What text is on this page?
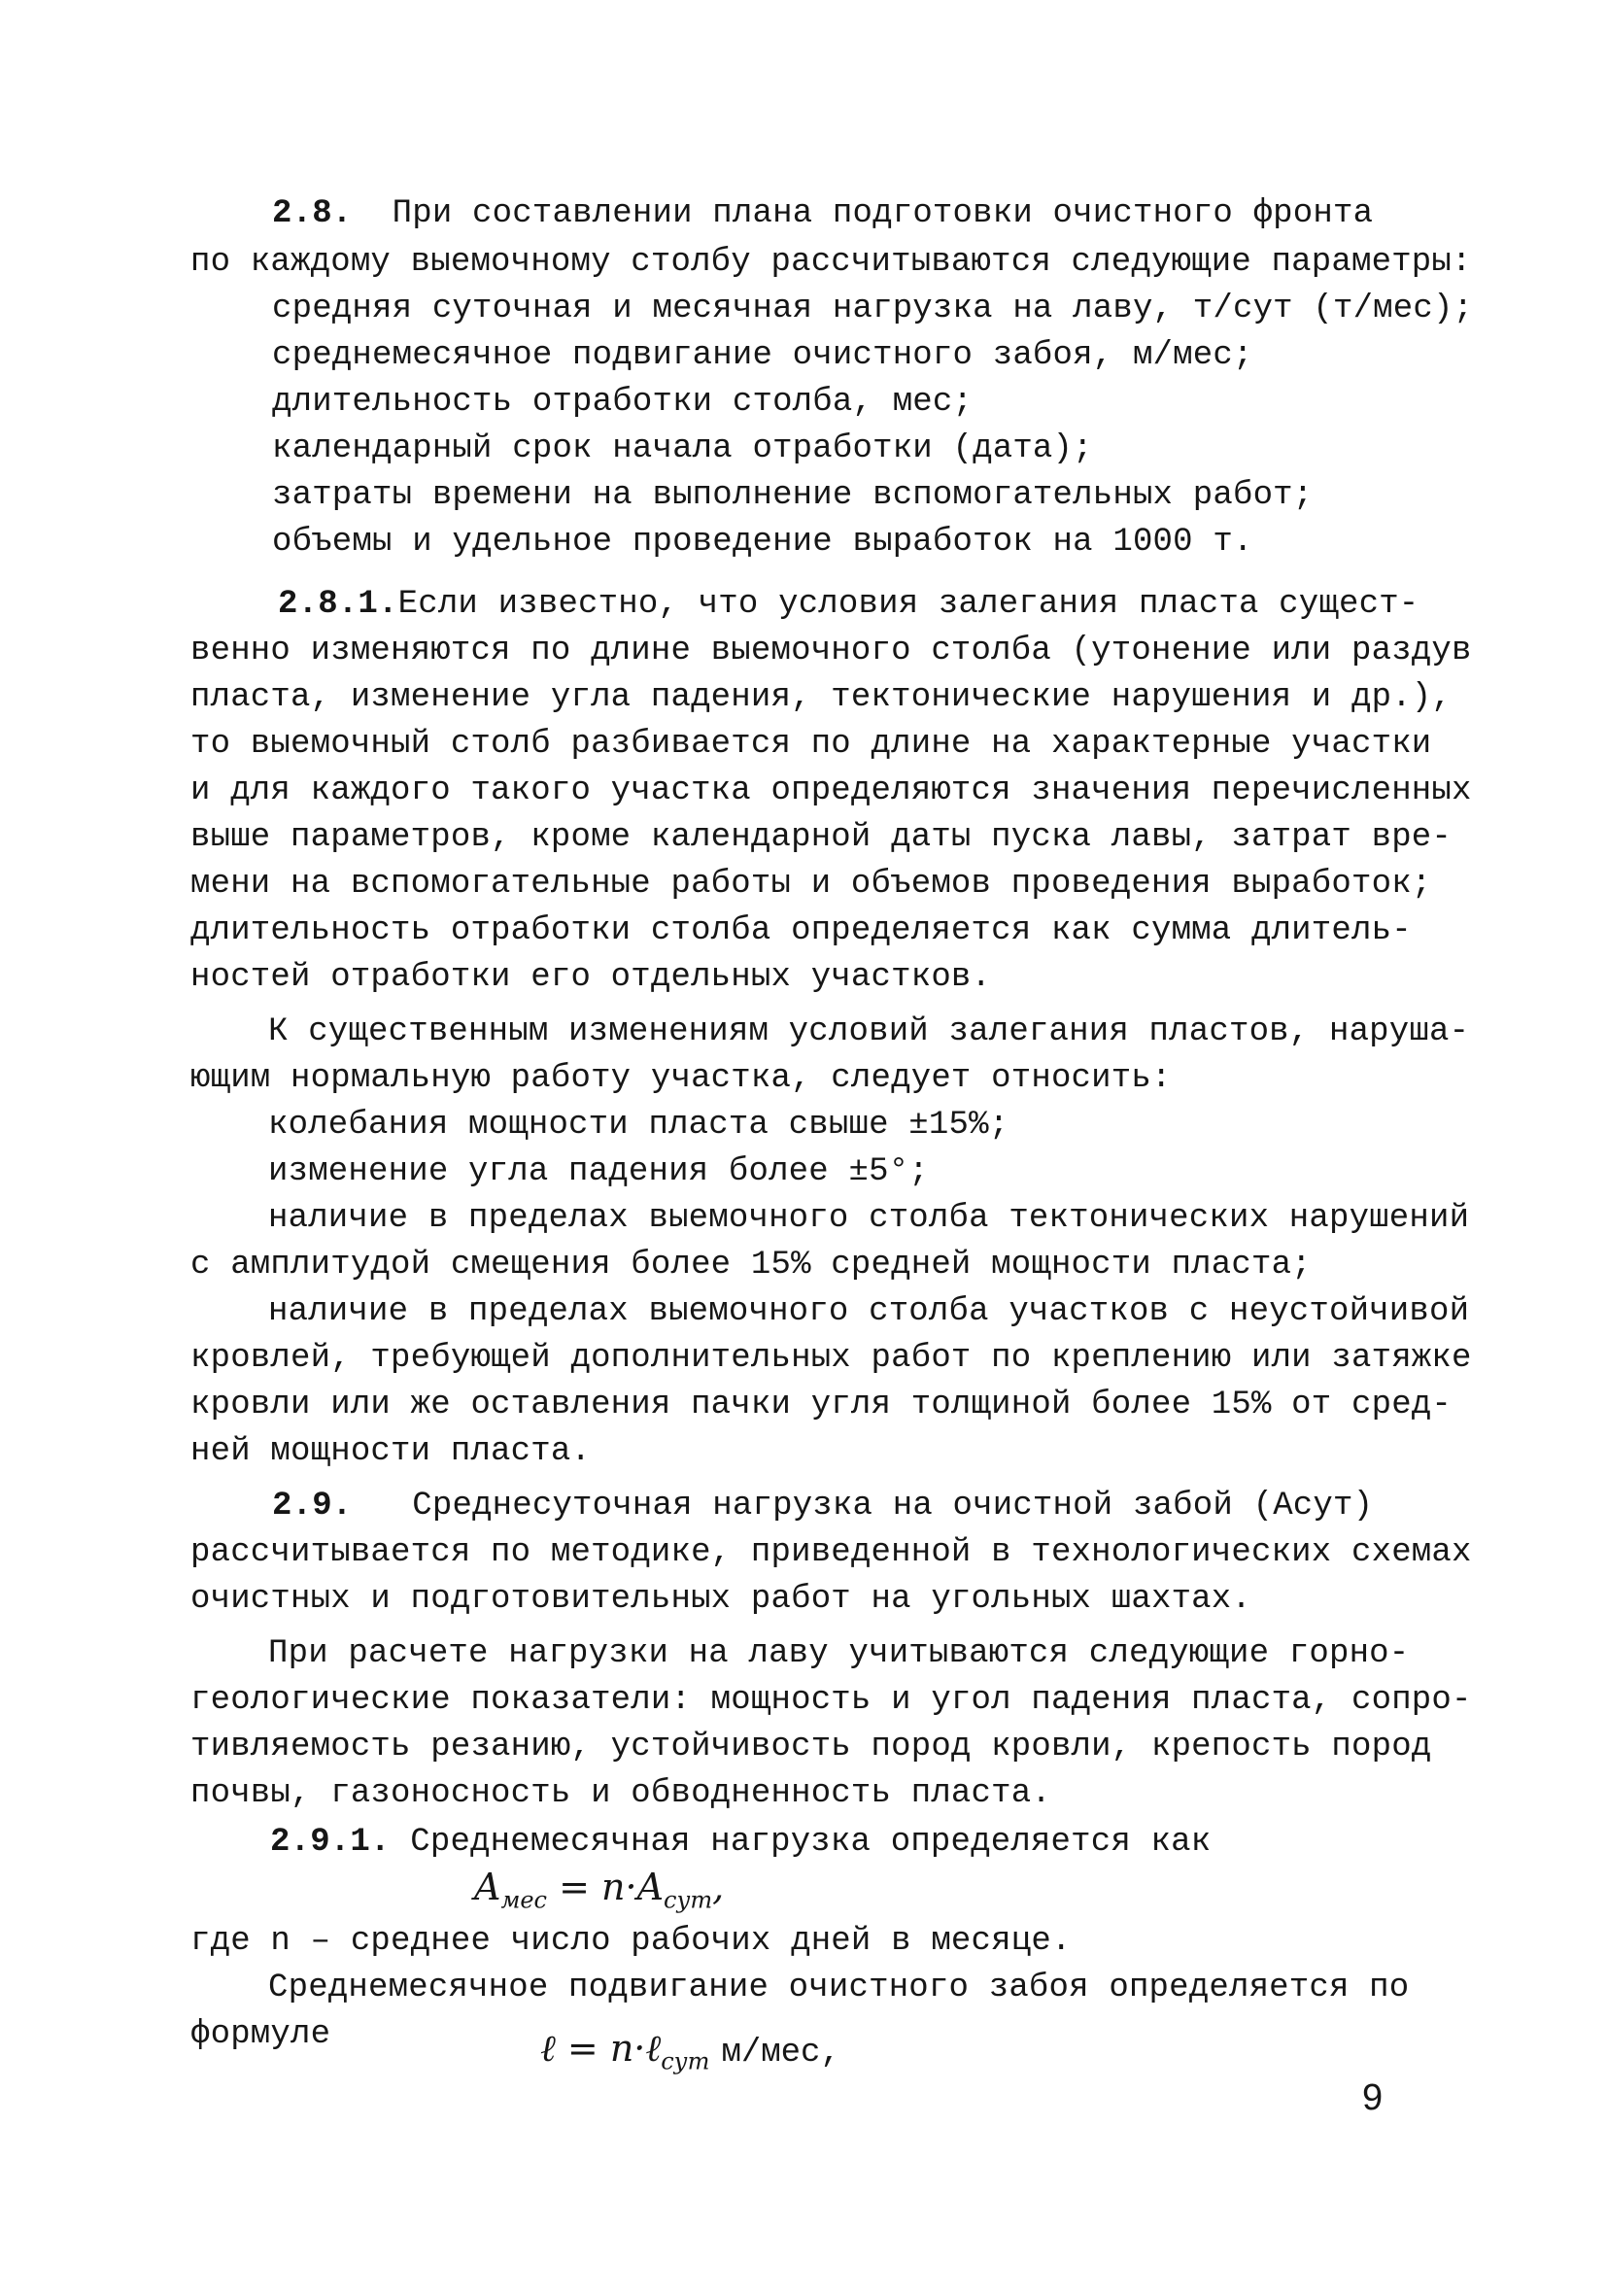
2.8. При составлении плана подготовки очистного фронта
по каждому выемочному столбу рассчитываются следующие параметры:
средняя суточная и месячная нагрузка на лаву, т/сут (т/мес);
среднемесячное подвигание очистного забоя, м/мес;
длительность отработки столба, мес;
календарный срок начала отработки (дата);
затраты времени на выполнение вспомогательных работ;
объемы и удельное проведение выработок на 1000 т.
2.8.1.Если известно, что условия залегания пласта сущест-
венно изменяются по длине выемочного столба (утонение или раздув
пласта, изменение угла падения, тектонические нарушения и др.),
то выемочный столб разбивается по длине на характерные участки
и для каждого такого участка определяются значения перечисленных
выше параметров, кроме календарной даты пуска лавы, затрат вре-
мени на вспомогательные работы и объемов проведения выработок;
длительность отработки столба определяется как сумма длитель-
ностей отработки его отдельных участков.
К существенным изменениям условий залегания пластов, наруша-
ющим нормальную работу участка, следует относить:
колебания мощности пласта свыше ±15%;
изменение угла падения более ±5°;
наличие в пределах выемочного столба тектонических нарушений
с амплитудой смещения более 15% средней мощности пласта;
наличие в пределах выемочного столба участков с неустойчивой
кровлей, требующей дополнительных работ по креплению или затяжке
кровли или же оставления пачки угля толщиной более 15% от сред-
ней мощности пласта.
2.9. Среднесуточная нагрузка на очистной забой (Aсут)
рассчитывается по методике, приведенной в технологических схемах
очистных и подготовительных работ на угольных шахтах.
При расчете нагрузки на лаву учитываются следующие горно-
геологические показатели: мощность и угол падения пласта, сопро-
тивляемость резанию, устойчивость пород кровли, крепость пород
почвы, газоносность и обводненность пласта.
2.9.1. Среднемесячная нагрузка определяется как
$A_{мес} = n\cdot A_{сут}$,
где n – среднее число рабочих дней в месяце.
Среднемесячное подвигание очистного забоя определяется по
формуле	ℓ = n·ℓ$_{сут}$ м/мес,
9
